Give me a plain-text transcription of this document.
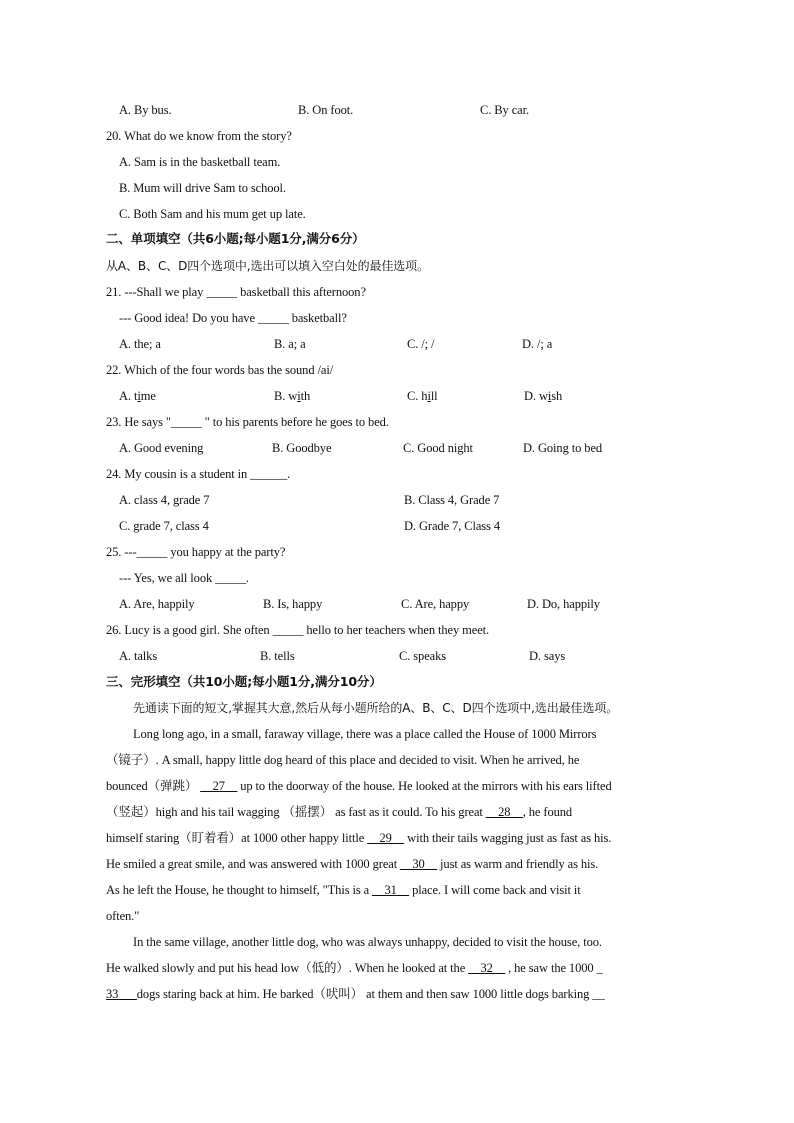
A. By bus.	B. On foot.	C. By car.
20. What do we know from the story?
A. Sam is in the basketball team.
B. Mum will drive Sam to school.
C. Both Sam and his mum get up late.
二、单项填空（共6小题;每小题1分,满分6分）
从A、B、C、D四个选项中,选出可以填入空白处的最佳选项。
21. ---Shall we play _____ basketball this afternoon?
--- Good idea! Do you have _____ basketball?
A. the; a	B. a; a	C. /; /	D. /; a
22. Which of the four words bas the sound /ai/
A. time	B. with	C. hill	D. wish
23. He says "_____ " to his parents before he goes to bed.
A. Good evening	B. Goodbye	C. Good night	D. Going to bed
24. My cousin is a student in ______.
A. class 4, grade 7	B. Class 4, Grade 7
C. grade 7, class 4	D. Grade 7, Class 4
25. ---_____ you happy at the party?
--- Yes, we all look _____.
A. Are, happily	B. Is, happy	C. Are, happy	D. Do, happily
26. Lucy is a good girl. She often _____ hello to her teachers when they meet.
A. talks	B. tells	C. speaks	D. says
三、完形填空（共10小题;每小题1分,满分10分）
先通读下面的短文,掌握其大意,然后从每小题所给的A、B、C、D四个选项中,选出最佳选项。
Long long ago, in a small, faraway village, there was a place called the House of 1000 Mirrors
（镜子）. A small, happy little dog heard of this place and decided to visit. When he arrived, he
bounced（弹跳） __27__ up to the doorway of the house. He looked at the mirrors with his ears lifted
（竖起）high and his tail wagging （摇摆） as fast as it could. To his great __28__, he found
himself staring（盯着看）at 1000 other happy little __29__ with their tails wagging just as fast as his.
He smiled a great smile, and was answered with 1000 great __30__ just as warm and friendly as his.
As he left the House, he thought to himself, "This is a __31__ place. I will come back and visit it
often."
In the same village, another little dog, who was always unhappy, decided to visit the house, too.
He walked slowly and put his head low（低的）. When he looked at the __32__ , he saw the 1000 _
33___dogs staring back at him. He barked（吠叫） at them and then saw 1000 little dogs barking __
